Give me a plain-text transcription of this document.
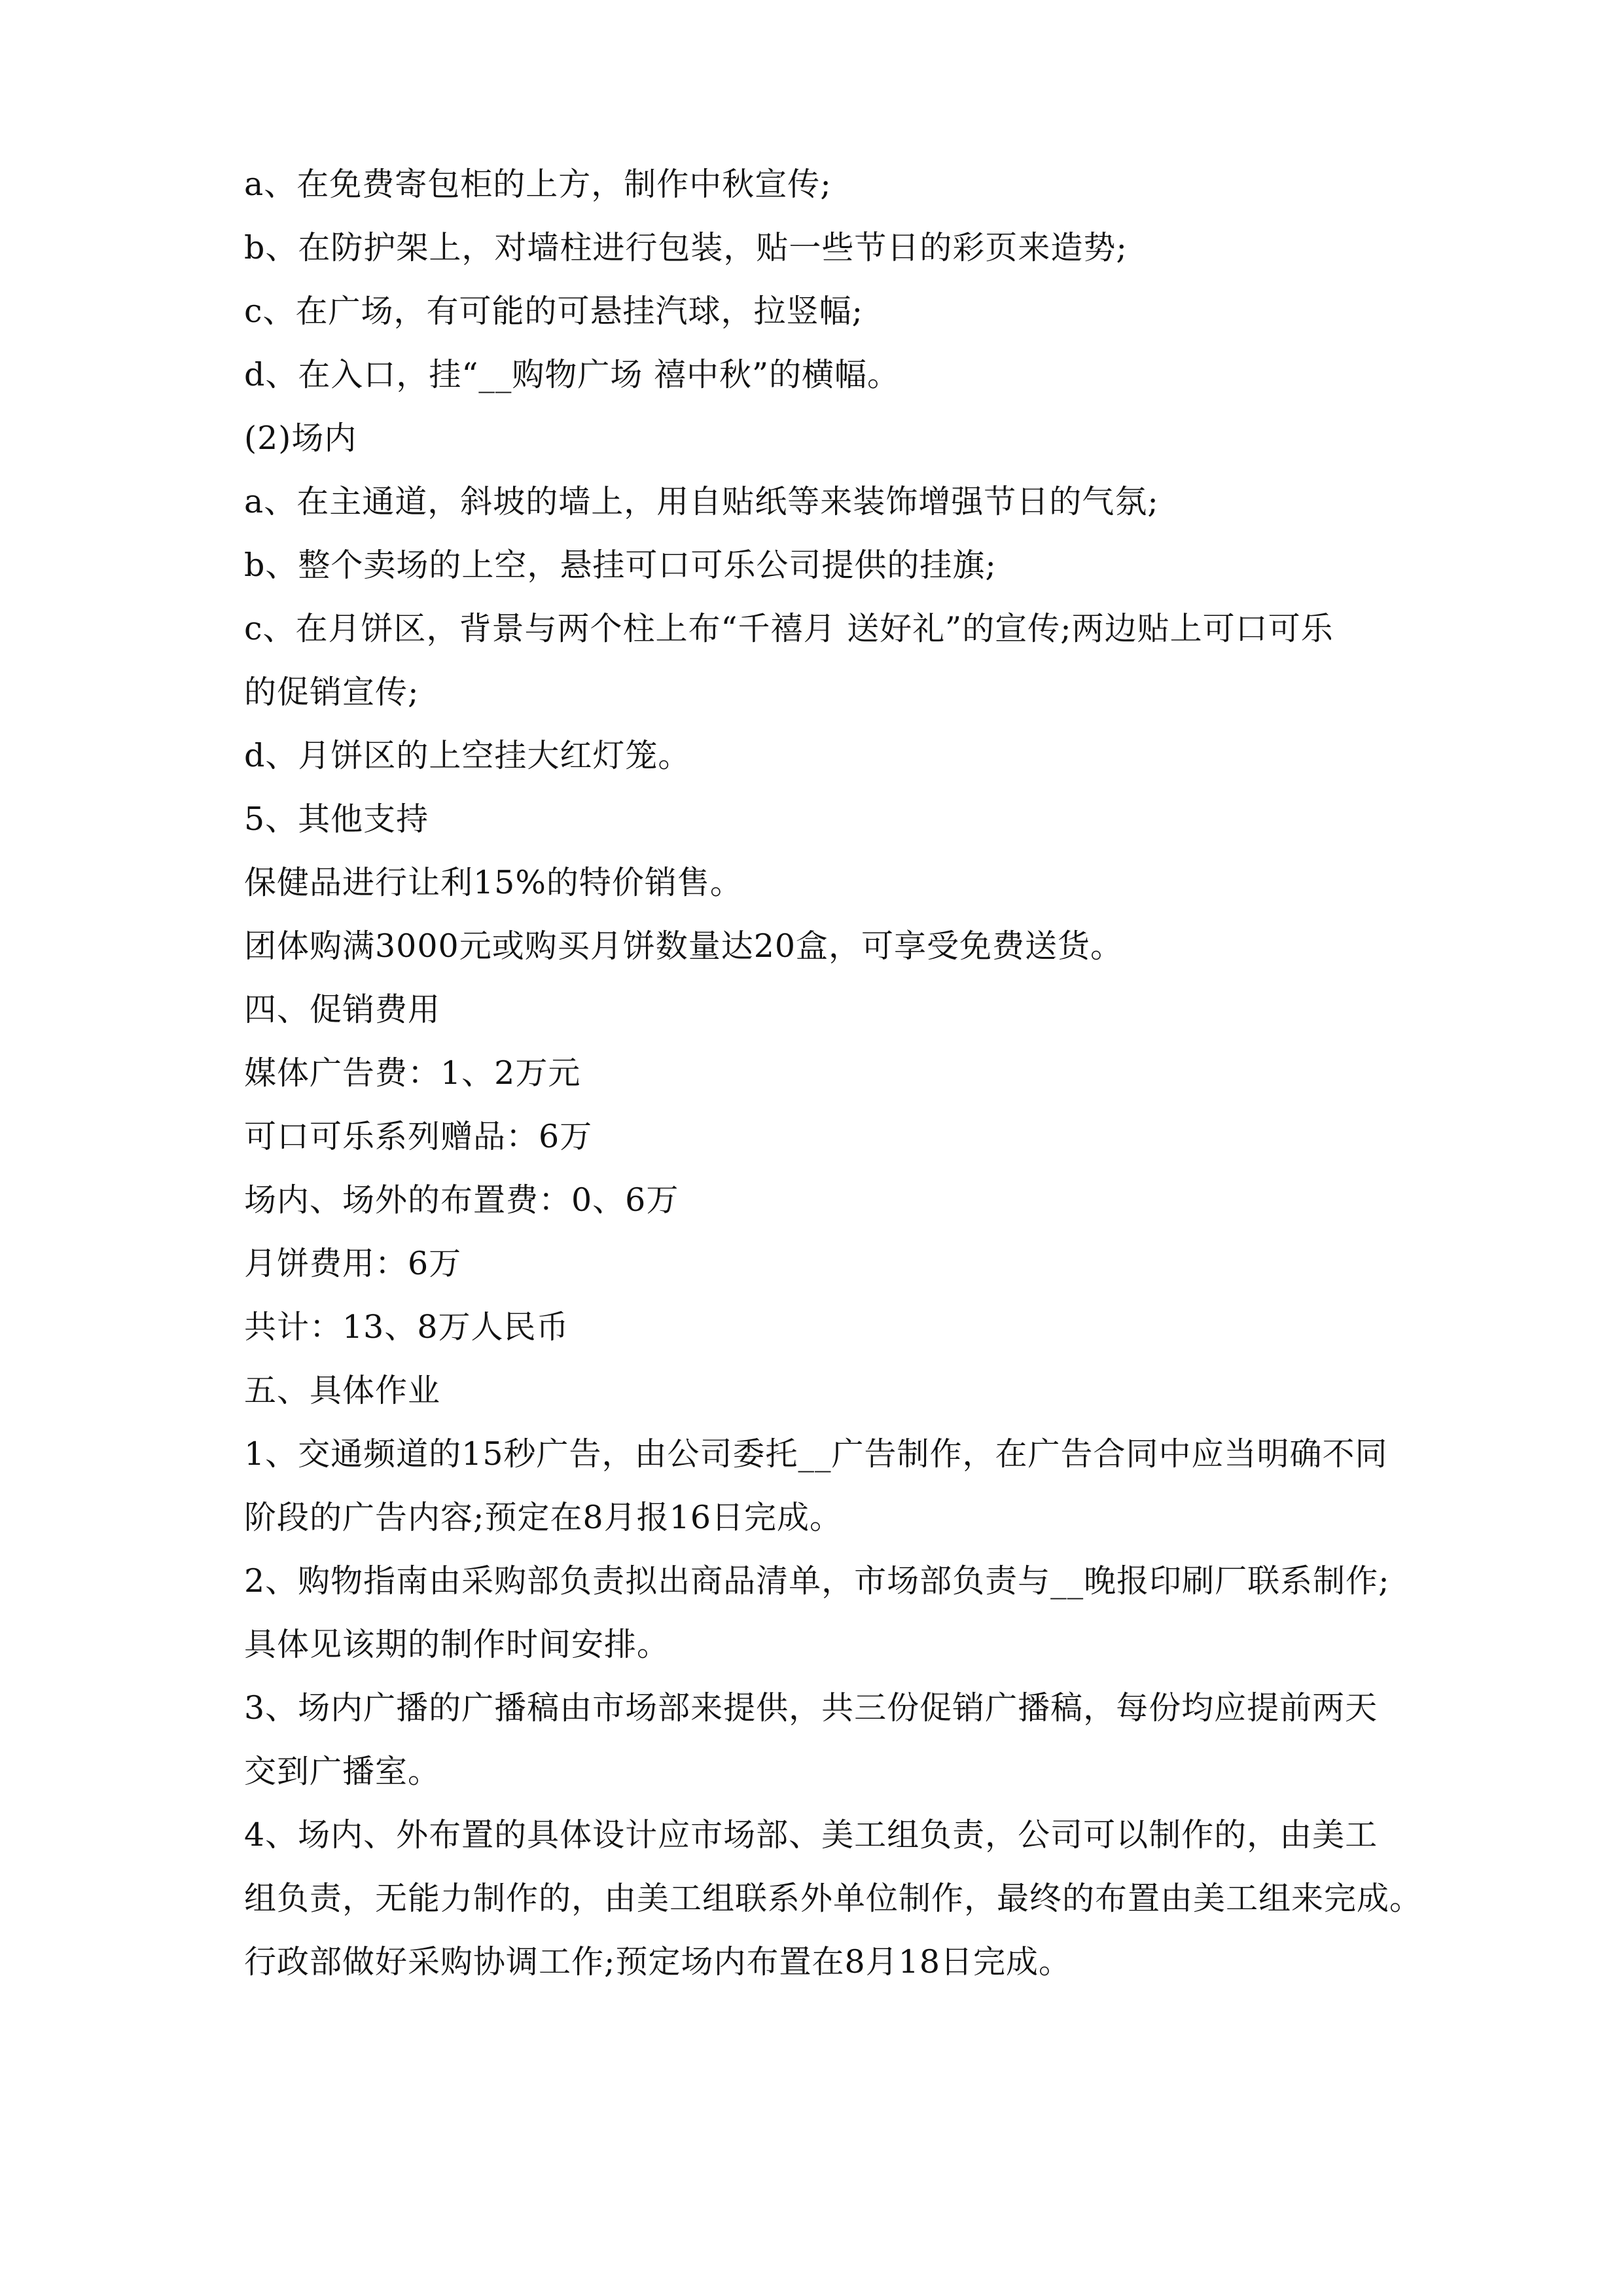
a、在免费寄包柜的上方，制作中秋宣传;
b、在防护架上，对墙柱进行包装，贴一些节日的彩页来造势;
c、在广场，有可能的可悬挂汽球，拉竖幅;
d、在入口，挂“__购物广场 禧中秋”的横幅。
(2)场内
a、在主通道，斜坡的墙上，用自贴纸等来装饰增强节日的气氛;
b、整个卖场的上空，悬挂可口可乐公司提供的挂旗;
c、在月饼区，背景与两个柱上布“千禧月 送好礼”的宣传;两边贴上可口可乐
的促销宣传;
d、月饼区的上空挂大红灯笼。
5、其他支持
保健品进行让利15%的特价销售。
团体购满3000元或购买月饼数量达20盒，可享受免费送货。
四、促销费用
媒体广告费：1、2万元
可口可乐系列赠品：6万
场内、场外的布置费：0、6万
月饼费用：6万
共计：13、8万人民币
五、具体作业
1、交通频道的15秒广告，由公司委托__广告制作，在广告合同中应当明确不同
阶段的广告内容;预定在8月报16日完成。
2、购物指南由采购部负责拟出商品清单，市场部负责与__晚报印刷厂联系制作;
具体见该期的制作时间安排。
3、场内广播的广播稿由市场部来提供，共三份促销广播稿，每份均应提前两天
交到广播室。
4、场内、外布置的具体设计应市场部、美工组负责，公司可以制作的，由美工
组负责，无能力制作的，由美工组联系外单位制作，最终的布置由美工组来完成。
行政部做好采购协调工作;预定场内布置在8月18日完成。
